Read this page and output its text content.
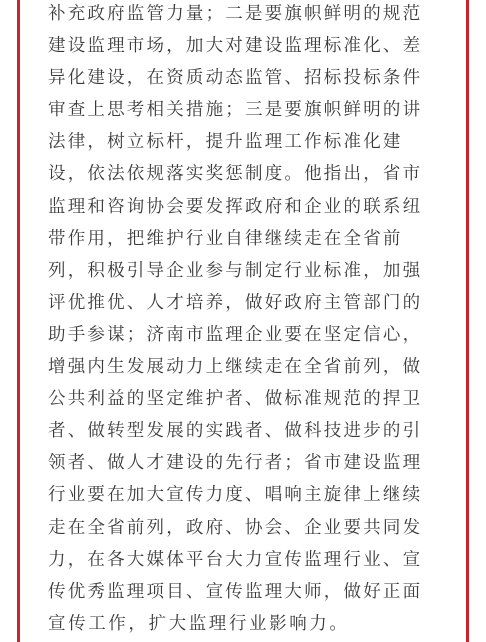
补充政府监管力量；二是要旗帜鲜明的规范
建设监理市场，加大对建设监理标准化、差
异化建设，在资质动态监管、招标投标条件
审查上思考相关措施；三是要旗帜鲜明的讲
法律，树立标杆，提升监理工作标准化建
设，依法依规落实奖惩制度。他指出，省市
监理和咨询协会要发挥政府和企业的联系纽
带作用，把维护行业自律继续走在全省前
列，积极引导企业参与制定行业标准，加强
评优推优、人才培养，做好政府主管部门的
助手参谋；济南市监理企业要在坚定信心，
增强内生发展动力上继续走在全省前列，做
公共利益的坚定维护者、做标准规范的捍卫
者、做转型发展的实践者、做科技进步的引
领者、做人才建设的先行者；省市建设监理
行业要在加大宣传力度、唱响主旋律上继续
走在全省前列，政府、协会、企业要共同发
力，在各大媒体平台大力宣传监理行业、宣
传优秀监理项目、宣传监理大师，做好正面
宣传工作，扩大监理行业影响力。
